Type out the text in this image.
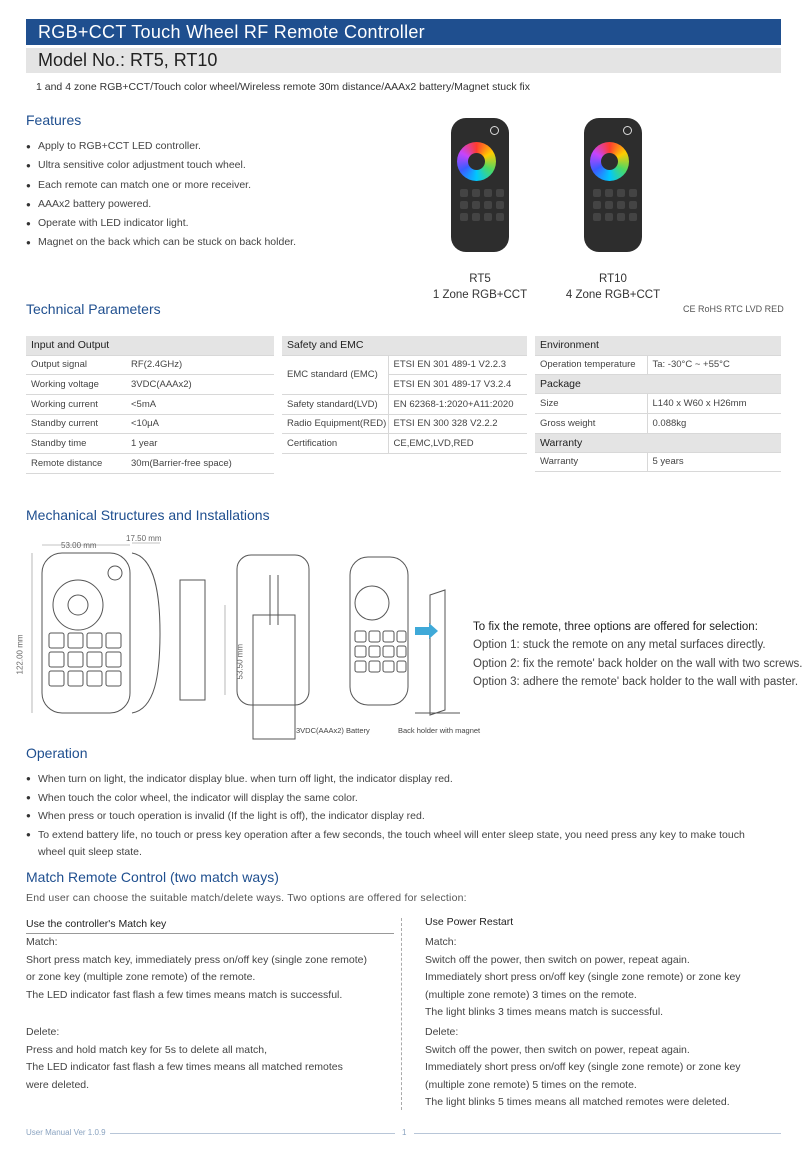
RGB+CCT Touch Wheel RF Remote Controller
Model No.: RT5, RT10
1 and 4 zone RGB+CCT/Touch color wheel/Wireless remote 30m distance/AAAx2 battery/Magnet stuck fix
Features
● Apply to RGB+CCT LED controller.
● Ultra sensitive color adjustment touch wheel.
● Each remote can match one or more receiver.
● AAAx2 battery powered.
● Operate with LED indicator light.
● Magnet on the back which can be stuck on back holder.
RT5
1 Zone RGB+CCT
RT10
4 Zone RGB+CCT
Technical Parameters	CE RoHS RTC LVD RED
Input and Output	
Output signal	RF(2.4GHz)
Working voltage	3VDC(AAAx2)
Working current	<5mA
Standby current	<10μA
Standby time	1 year
Remote distance	30m(Barrier-free space)
Safety and EMC	
EMC standard (EMC)	ETSI EN 301 489-1 V2.2.3
	ETSI EN 301 489-17 V3.2.4
Safety standard(LVD)	EN 62368-1:2020+A11:2020
Radio Equipment(RED)	ETSI EN 300 328 V2.2.2
Certification	CE,EMC,LVD,RED
Environment	
Operation temperature	Ta: -30°C ~ +55°C
Package	
Size	L140 x W60 x H26mm
Gross weight	0.088kg
Warranty	
Warranty	5 years
Mechanical Structures and Installations
53.00 mm
17.50 mm
122.00 mm	53.50 mm
3VDC(AAAx2) Battery	Back holder with magnet
To fix the remote, three options are offered for selection:
Option 1: stuck the remote on any metal surfaces directly.
Option 2: fix the remote' back holder on the wall with two screws.
Option 3: adhere the remote' back holder to the wall with paster.
Operation
● When turn on light, the indicator display blue. when turn off light, the indicator display red.
● When touch the color wheel, the indicator will display the same color.
● When press or touch operation is invalid (If the light is off), the indicator display red.
● To extend battery life, no touch or press key operation after a few seconds, the touch wheel will enter sleep state, you need press any key to make touch
wheel quit sleep state.
Match Remote Control (two match ways)
End user can choose the suitable match/delete ways. Two options are offered for selection:
Use the controller's Match key
Match:
Short press match key, immediately press on/off key (single zone remote)
or zone key (multiple zone remote) of the remote.
The LED indicator fast flash a few times means match is successful.
Delete:
Press and hold match key for 5s to delete all match,
The LED indicator fast flash a few times means all matched remotes
were deleted.
Use Power Restart
Match:
Switch off the power, then switch on power, repeat again.
Immediately short press on/off key (single zone remote) or zone key
(multiple zone remote) 3 times on the remote.
The light blinks 3 times means match is successful.
Delete:
Switch off the power, then switch on power, repeat again.
Immediately short press on/off key (single zone remote) or zone key
(multiple zone remote) 5 times on the remote.
The light blinks 5 times means all matched remotes were deleted.
User Manual Ver 1.0.9	1
